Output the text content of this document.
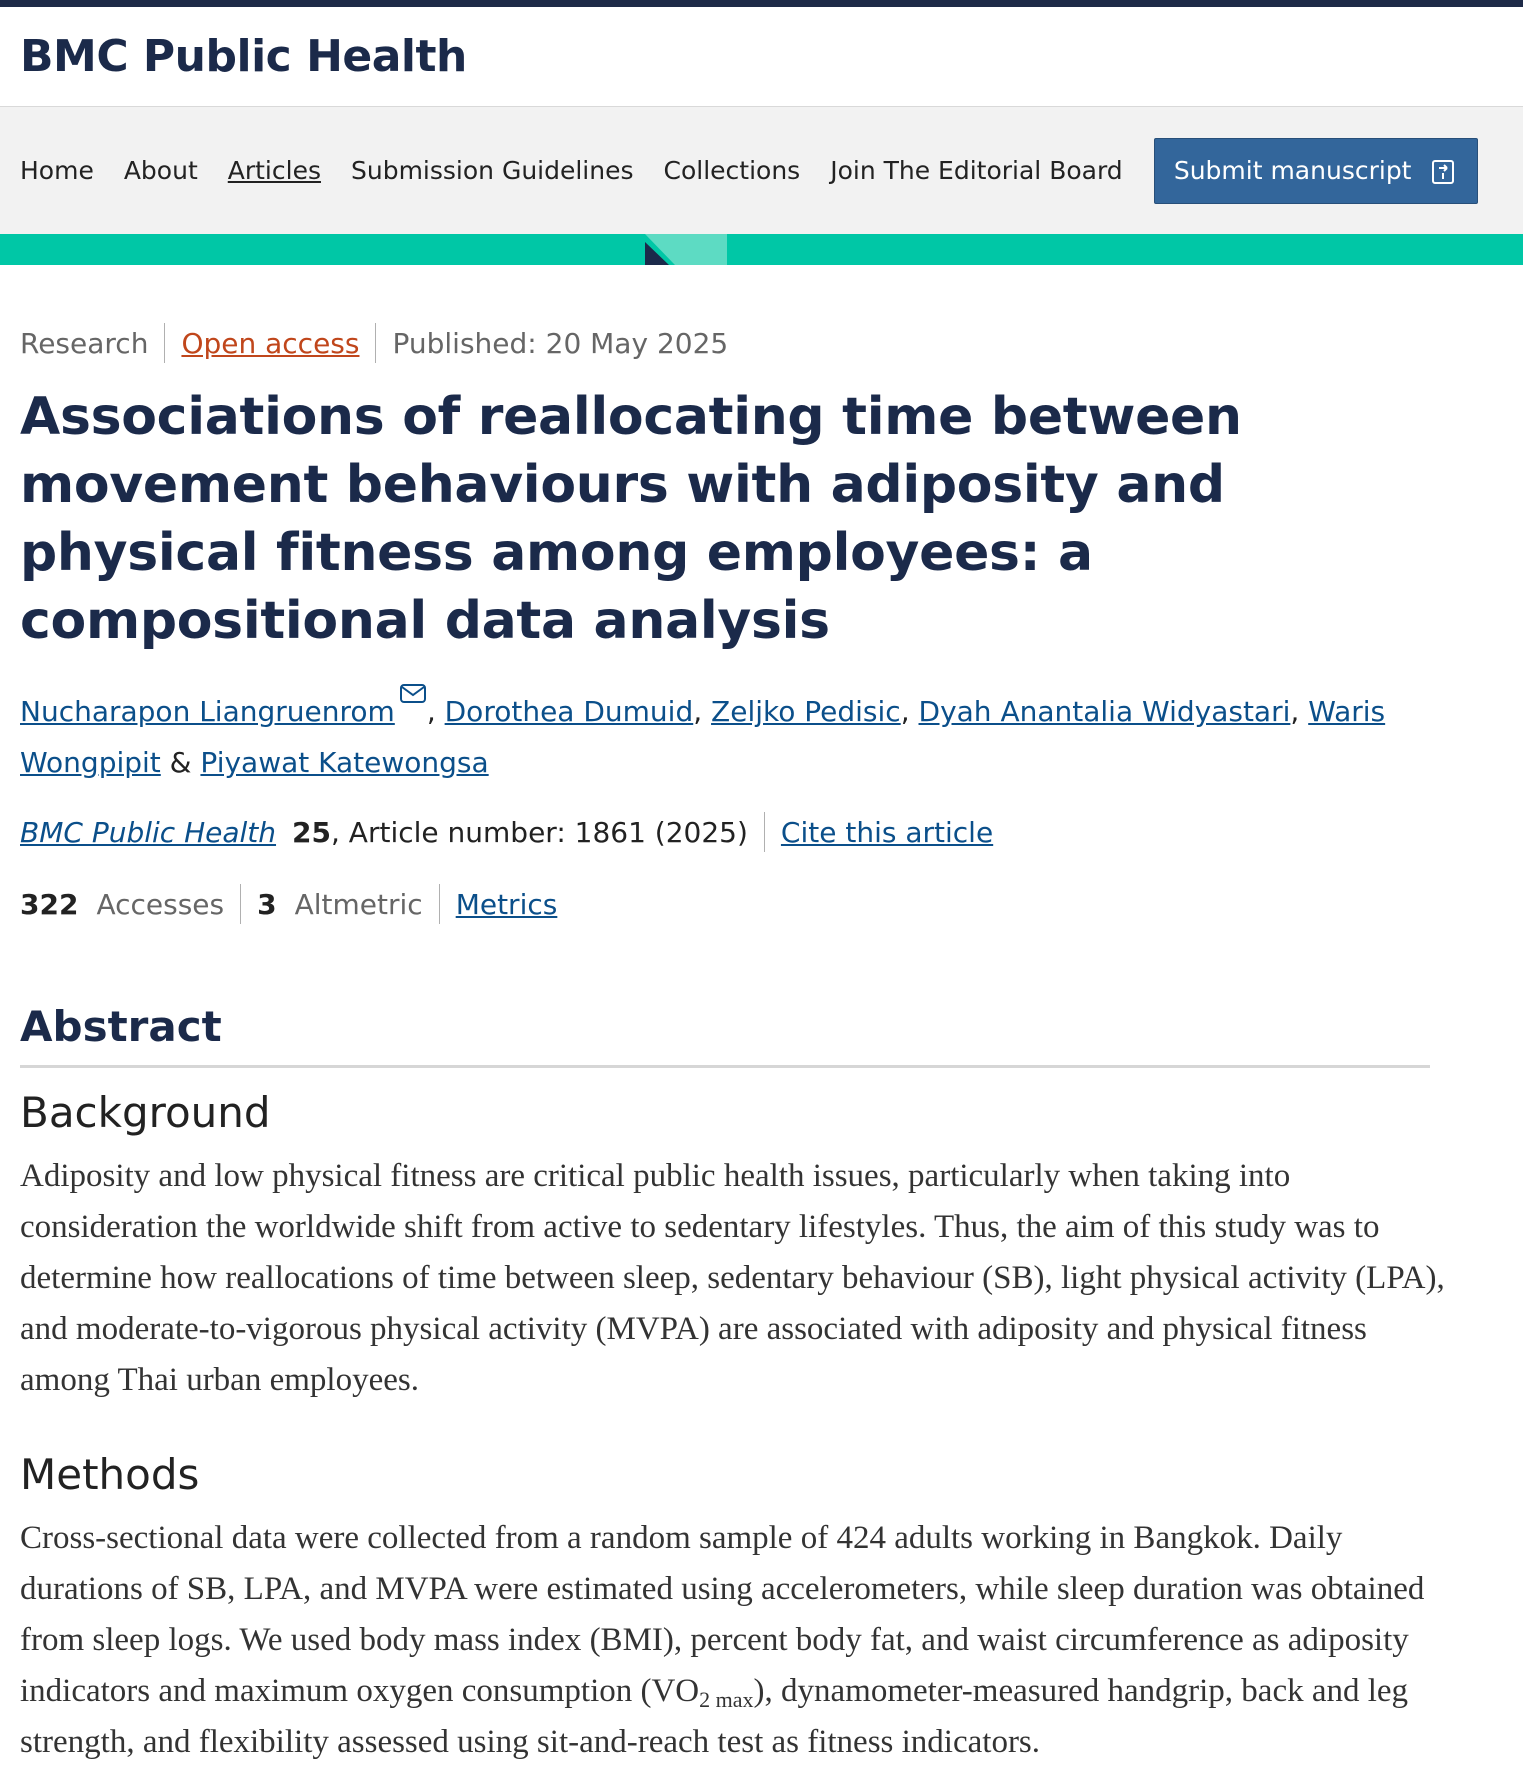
BMC Public Health
Home About Articles Submission Guidelines Collections Join The Editorial Board Submit manuscript
Research Open access Published: 20 May 2025
Associations of reallocating time between movement behaviours with adiposity and physical fitness among employees: a compositional data analysis
Nucharapon Liangruenrom , Dorothea Dumuid, Zeljko Pedisic, Dyah Anantalia Widyastari, Waris Wongpipit & Piyawat Katewongsa
BMC Public Health 25 , Article number: 1861 (2025) Cite this article
322 Accesses 3 Altmetric Metrics
Abstract
Background

Adiposity and low physical fitness are critical public health issues, particularly when taking into consideration the worldwide shift from active to sedentary lifestyles. Thus, the aim of this study was to determine how reallocations of time between sleep, sedentary behaviour (SB), light physical activity (LPA), and moderate-to-vigorous physical activity (MVPA) are associated with adiposity and physical fitness among Thai urban employees.

Methods

Cross-sectional data were collected from a random sample of 424 adults working in Bangkok. Daily durations of SB, LPA, and MVPA were estimated using accelerometers, while sleep duration was obtained from sleep logs. We used body mass index (BMI), percent body fat, and waist circumference as adiposity indicators and maximum oxygen consumption $(VO_{2 max})$, dynamometer-measured handgrip, back and leg strength, and flexibility assessed using sit-and-reach test as fitness indicators.
